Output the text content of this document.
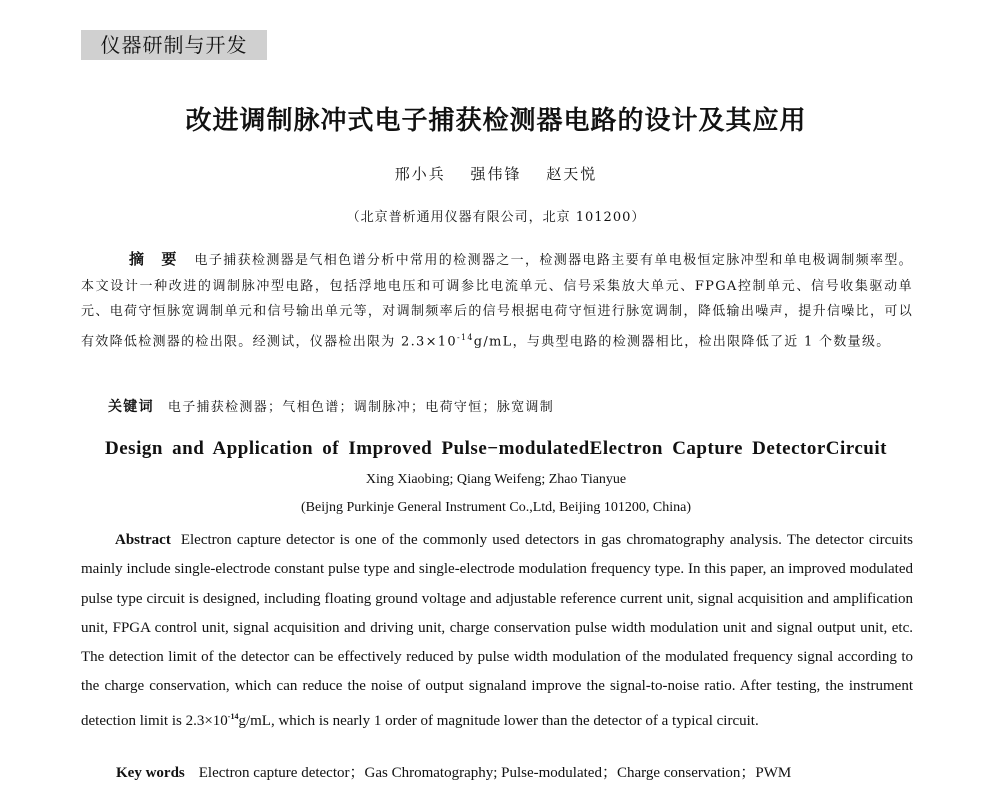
仪器研制与开发
改进调制脉冲式电子捕获检测器电路的设计及其应用
邢小兵 强伟锋 赵天悦
（北京普析通用仪器有限公司，北京 101200）
摘 要 电子捕获检测器是气相色谱分析中常用的检测器之一，检测器电路主要有单电极恒定脉冲型和单电极调制频率型。本文设计一种改进的调制脉冲型电路，包括浮地电压和可调参比电流单元、信号采集放大单元、FPGA控制单元、信号收集驱动单元、电荷守恒脉宽调制单元和信号输出单元等，对调制频率后的信号根据电荷守恒进行脉宽调制，降低输出噪声，提升信噪比，可以有效降低检测器的检出限。经测试，仪器检出限为 $2.3\times 10^{-14}g/mL$，与典型电路的检测器相比，检出限降低了近 1 个数量级。
关键词 电子捕获检测器；气相色谱；调制脉冲；电荷守恒；脉宽调制
Design and Application of Improved Pulse−modulatedElectron Capture DetectorCircuit
Xing Xiaobing; Qiang Weifeng; Zhao Tianyue
(Beijng Purkinje General Instrument Co.,Ltd, Beijing 101200, China)
Abstract Electron capture detector is one of the commonly used detectors in gas chromatography analysis. The detector circuits mainly include single-electrode constant pulse type and single-electrode modulation frequency type. In this paper, an improved modulated pulse type circuit is designed, including floating ground voltage and adjustable reference current unit, signal acquisition and amplification unit, FPGA control unit, signal acquisition and driving unit, charge conservation pulse width modulation unit and signal output unit, etc. The detection limit of the detector can be effectively reduced by pulse width modulation of the modulated frequency signal according to the charge conservation, which can reduce the noise of output signaland improve the signal-to-noise ratio. After testing, the instrument detection limit is $2.3\times 10^{-14}g/mL$, which is nearly 1 order of magnitude lower than the detector of a typical circuit.
Key words Electron capture detector；Gas Chromatography; Pulse-modulated；Charge conservation；PWM
